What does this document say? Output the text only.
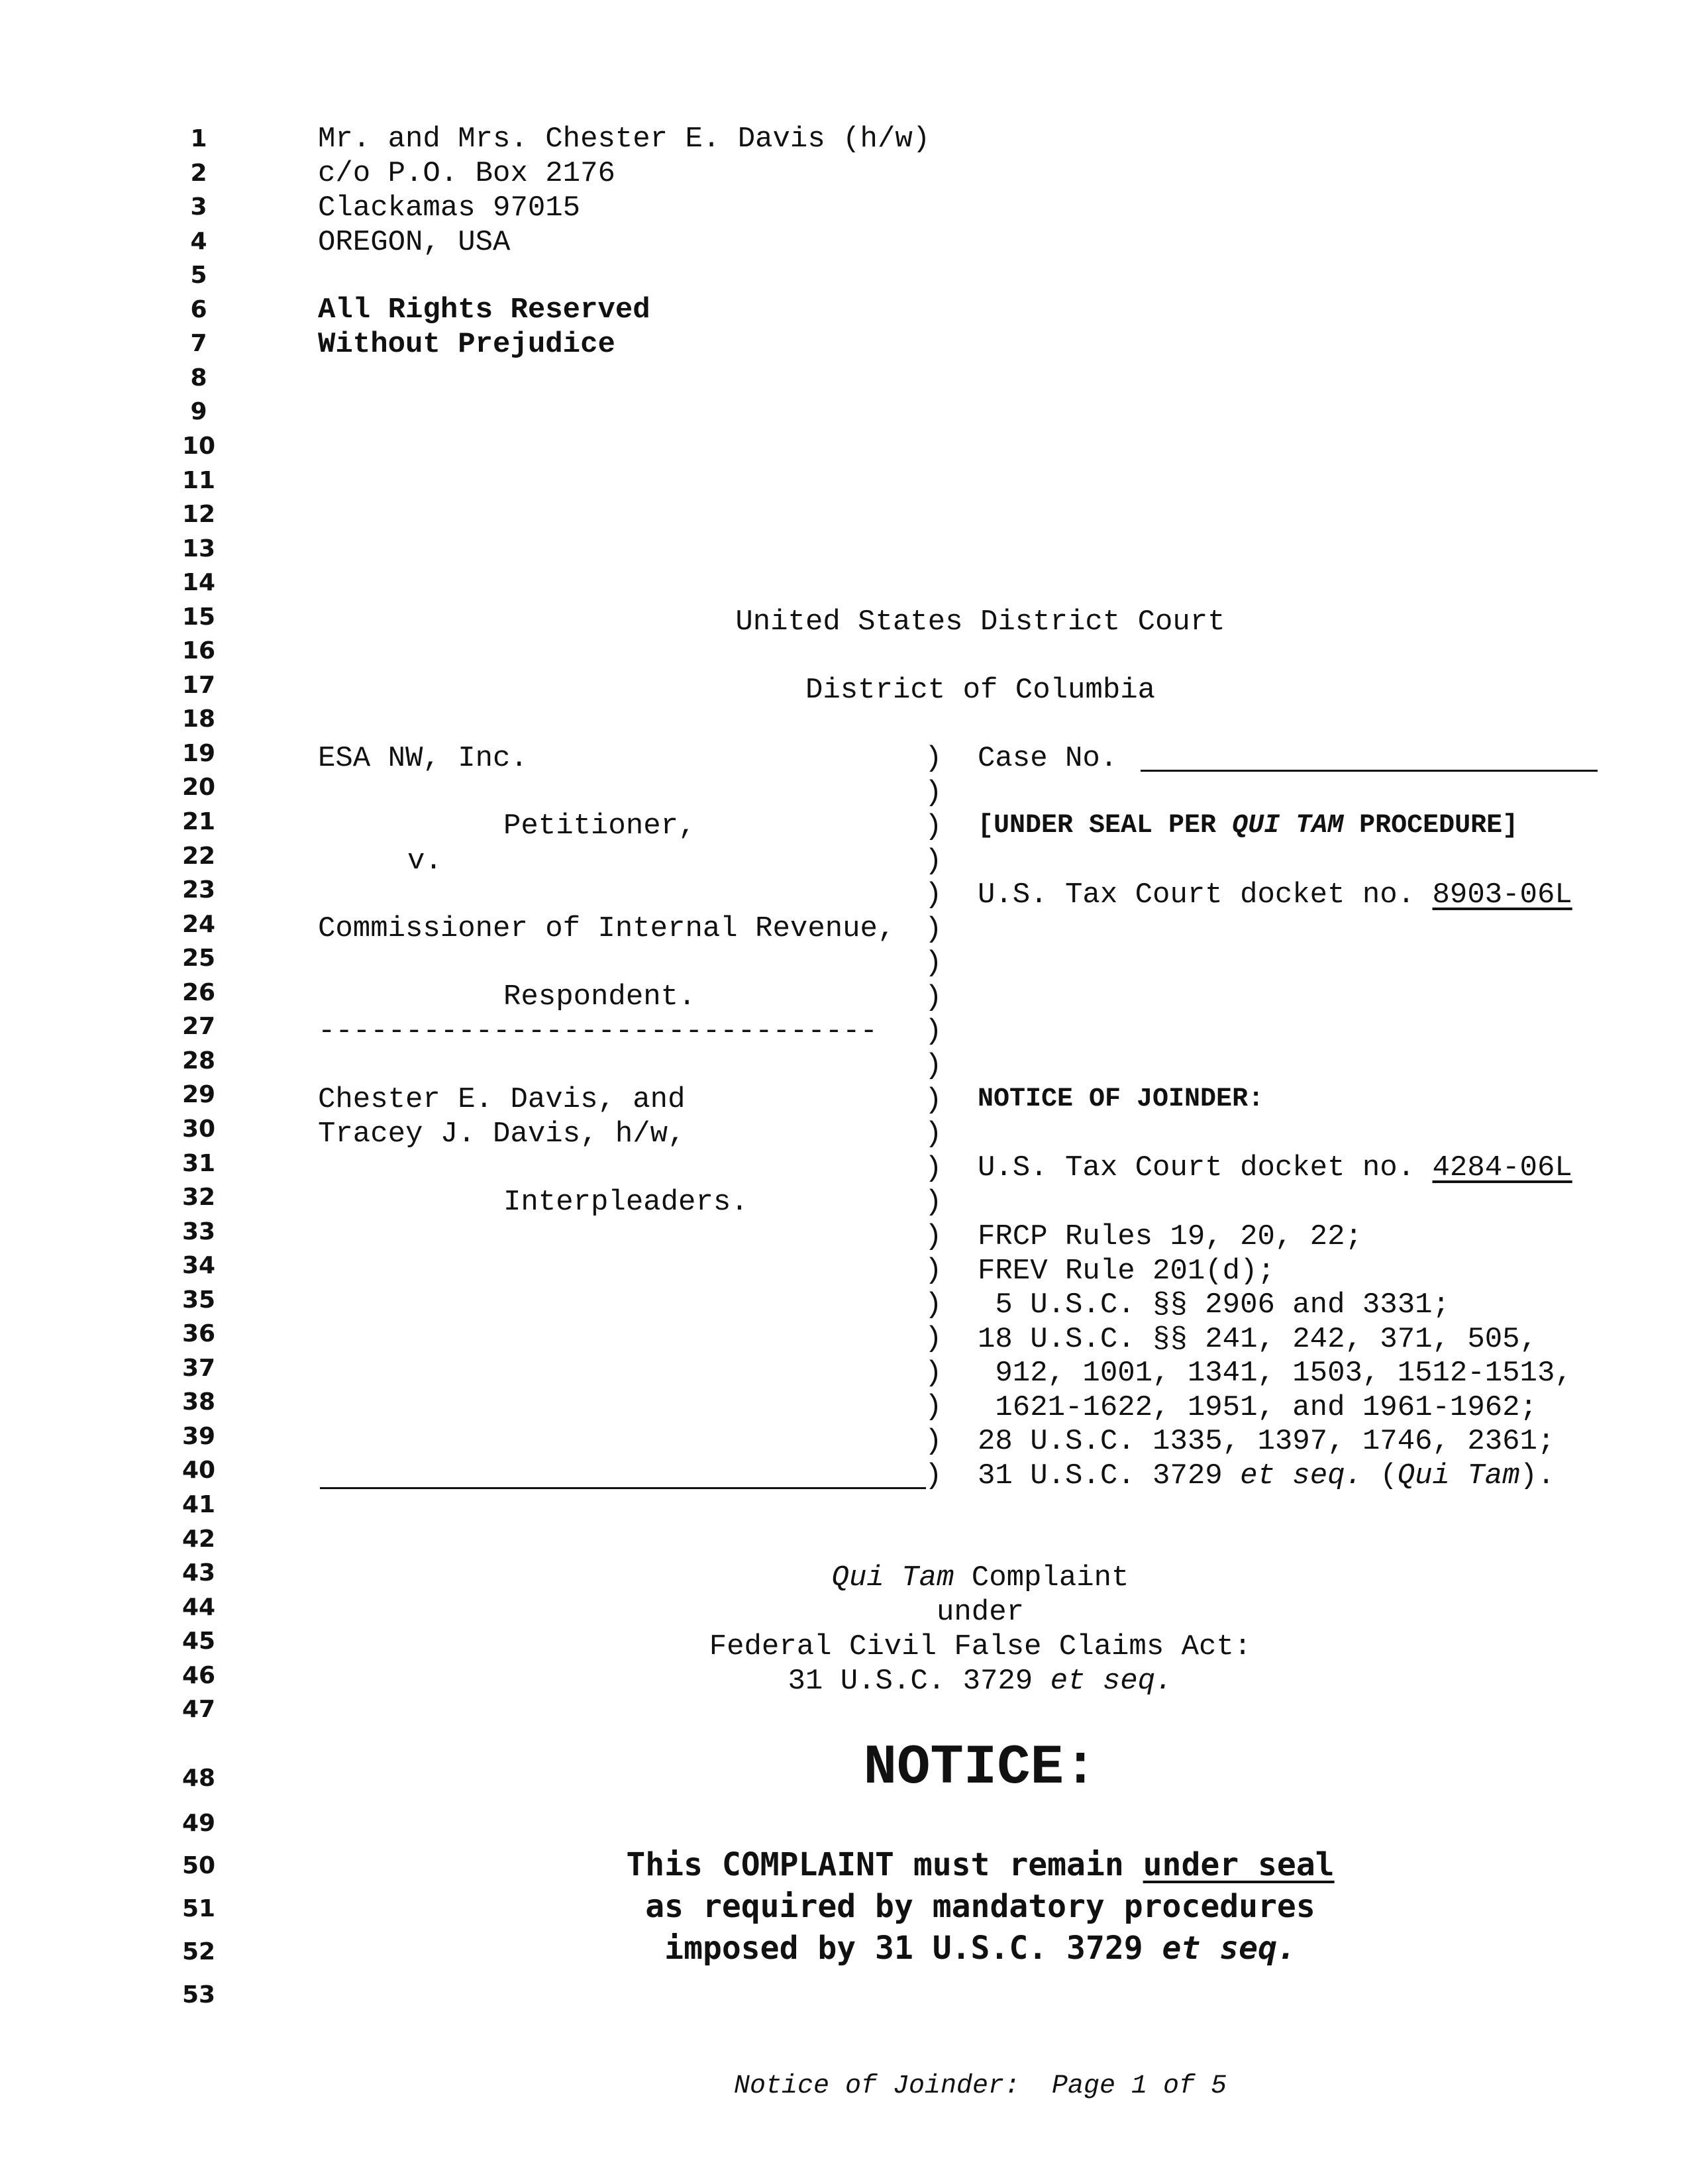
1
2
3
4
5
6
7
8
9
10
11
12
13
14
15
16
17
18
19
20
21
22
23
24
25
26
27
28
29
30
31
32
33
34
35
36
37
38
39
40
41
42
43
44
45
46
47
48
49
50
51
52
53
Mr. and Mrs. Chester E. Davis (h/w)
c/o P.O. Box 2176
Clackamas 97015
OREGON, USA
All Rights Reserved
Without Prejudice
United States District Court
District of Columbia
ESA NW, Inc.
Petitioner,
v.
Commissioner of Internal Revenue,
Respondent.
--------------------------------
Chester E. Davis, and
Tracey J. Davis, h/w,
Interpleaders.
)
)
)
)
)
)
)
)
)
)
)
)
)
)
)
)
)
)
)
)
)
)
Case No.
[UNDER SEAL PER QUI TAM PROCEDURE]
U.S. Tax Court docket no. 8903-06L
NOTICE OF JOINDER:
U.S. Tax Court docket no. 4284-06L
FRCP Rules 19, 20, 22;
FREV Rule 201(d);
5 U.S.C. §§ 2906 and 3331;
18 U.S.C. §§ 241, 242, 371, 505,
912, 1001, 1341, 1503, 1512-1513,
1621-1622, 1951, and 1961-1962;
28 U.S.C. 1335, 1397, 1746, 2361;
31 U.S.C. 3729 et seq. (Qui Tam).
Qui Tam Complaint
under
Federal Civil False Claims Act:
31 U.S.C. 3729 et seq.
NOTICE:
This COMPLAINT must remain under seal
as required by mandatory procedures
imposed by 31 U.S.C. 3729 et seq.
Notice of Joinder:  Page 1 of 5
